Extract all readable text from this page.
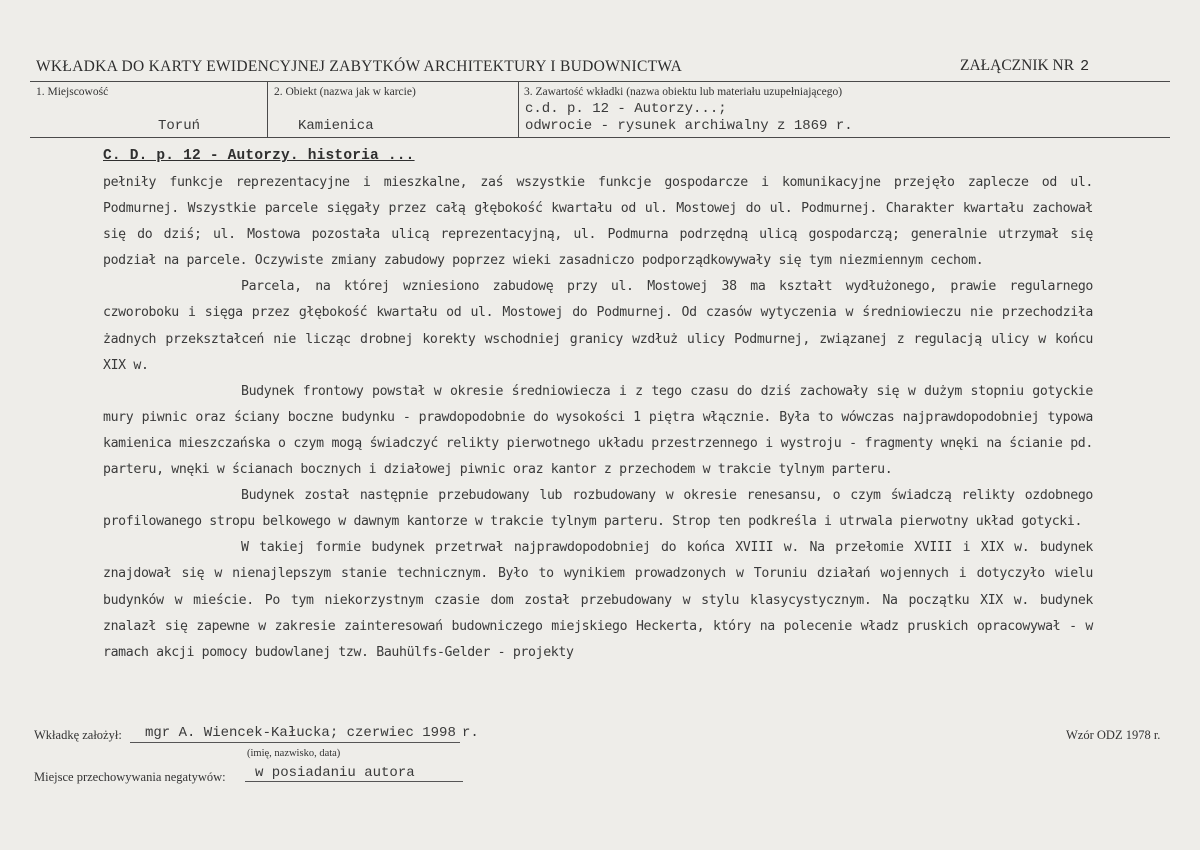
WKŁADKA DO KARTY EWIDENCYJNEJ ZABYTKÓW ARCHITEKTURY I BUDOWNICTWA	ZAŁĄCZNIK NR 2
1. Miejscowość
Toruń
2. Obiekt (nazwa jak w karcie)
Kamienica
3. Zawartość wkładki (nazwa obiektu lub materiału uzupełniającego)
c.d. p. 12 - Autorzy...;
odwrocie - rysunek archiwalny z 1869 r.
C. D. p. 12 - Autorzy. historia ...

pełniły funkcje reprezentacyjne i mieszkalne, zaś wszystkie funkcje gospodarcze i komunikacyjne przejęło zaplecze od ul. Podmurnej. Wszystkie parcele sięgały przez całą głębokość kwartału od ul. Mostowej do ul. Podmurnej. Charakter kwartału zachował się do dziś; ul. Mostowa pozostała ulicą reprezentacyjną, ul. Podmurna podrzędną ulicą gospodarczą; generalnie utrzymał się podział na parcele. Oczywiste zmiany zabudowy poprzez wieki zasadniczo podporządkowywały się tym niezmiennym cechom.

Parcela, na której wzniesiono zabudowę przy ul. Mostowej 38 ma kształt wydłużonego, prawie regularnego czworoboku i sięga przez głębokość kwartału od ul. Mostowej do Podmurnej. Od czasów wytyczenia w średniowieczu nie przechodziła żadnych przekształceń nie licząc drobnej korekty wschodniej granicy wzdłuż ulicy Podmurnej, związanej z regulacją ulicy w końcu XIX w.

Budynek frontowy powstał w okresie średniowiecza i z tego czasu do dziś zachowały się w dużym stopniu gotyckie mury piwnic oraz ściany boczne budynku - prawdopodobnie do wysokości 1 piętra włącznie. Była to wówczas najprawdopodobniej typowa kamienica mieszczańska o czym mogą świadczyć relikty pierwotnego układu przestrzennego i wystroju - fragmenty wnęki na ścianie pd. parteru, wnęki w ścianach bocznych i działowej piwnic oraz kantor z przechodem w trakcie tylnym parteru.

Budynek został następnie przebudowany lub rozbudowany w okresie renesansu, o czym świadczą relikty ozdobnego profilowanego stropu belkowego w dawnym kantorze w trakcie tylnym parteru. Strop ten podkreśla i utrwala pierwotny układ gotycki.

W takiej formie budynek przetrwał najprawdopodobniej do końca XVIII w. Na przełomie XVIII i XIX w. budynek znajdował się w nienajlepszym stanie technicznym. Było to wynikiem prowadzonych w Toruniu działań wojennych i dotyczyło wielu budynków w mieście. Po tym niekorzystnym czasie dom został przebudowany w stylu klasycystycznym. Na początku XIX w. budynek znalazł się zapewne w zakresie zainteresowań budowniczego miejskiego Heckerta, który na polecenie władz pruskich opracowywał - w ramach akcji pomocy budowlanej tzw. Bauhülfs-Gelder - projekty

Wkładkę założył: mgr A. Wiencek-Kałucka; czerwiec 1998 r.
(imię, nazwisko, data)
Wzór ODZ 1978 r.
Miejsce przechowywania negatywów: w posiadaniu autora
